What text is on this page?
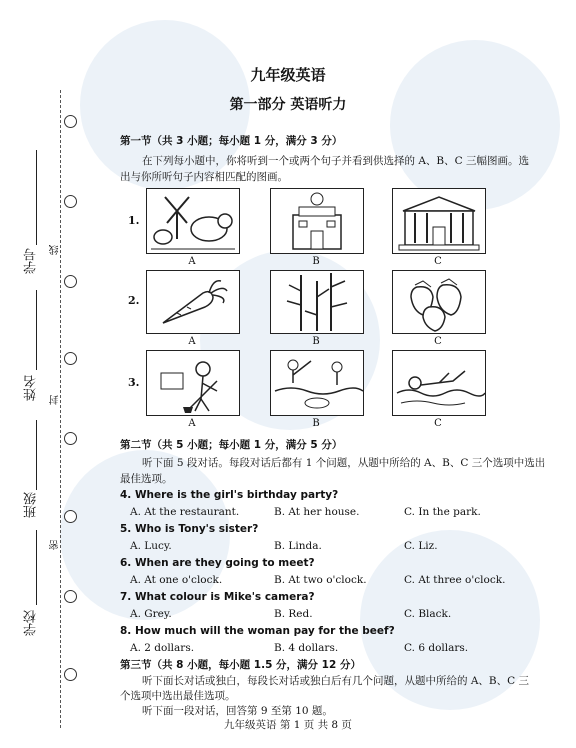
学号
姓名
班级
学校
线
封
密
九年级英语
第一部分 英语听力
第一节（共 3 小题；每小题 1 分，满分 3 分）
在下列每小题中，你将听到一个或两个句子并看到供选择的 A、B、C 三幅图画。选
出与你所听句子内容相匹配的图画。
1.
A	B	C
2.
A	B	C
3.
A	B	C
第二节（共 5 小题；每小题 1 分，满分 5 分）
听下面 5 段对话。每段对话后都有 1 个问题，从题中所给的 A、B、C 三个选项中选出
最佳选项。
4. Where is the girl's birthday party?
A. At the restaurant.	B. At her house.	C. In the park.
5. Who is Tony's sister?
A. Lucy.	B. Linda.	C. Liz.
6. When are they going to meet?
A. At one o'clock.	B. At two o'clock.	C. At three o'clock.
7. What colour is Mike's camera?
A. Grey.	B. Red.	C. Black.
8. How much will the woman pay for the beef?
A. 2 dollars.	B. 4 dollars.	C. 6 dollars.
第三节（共 8 小题，每小题 1.5 分，满分 12 分）
听下面长对话或独白，每段长对话或独白后有几个问题，从题中所给的 A、B、C 三
个选项中选出最佳选项。
听下面一段对话，回答第 9 至第 10 题。
九年级英语 第 1 页 共 8 页
